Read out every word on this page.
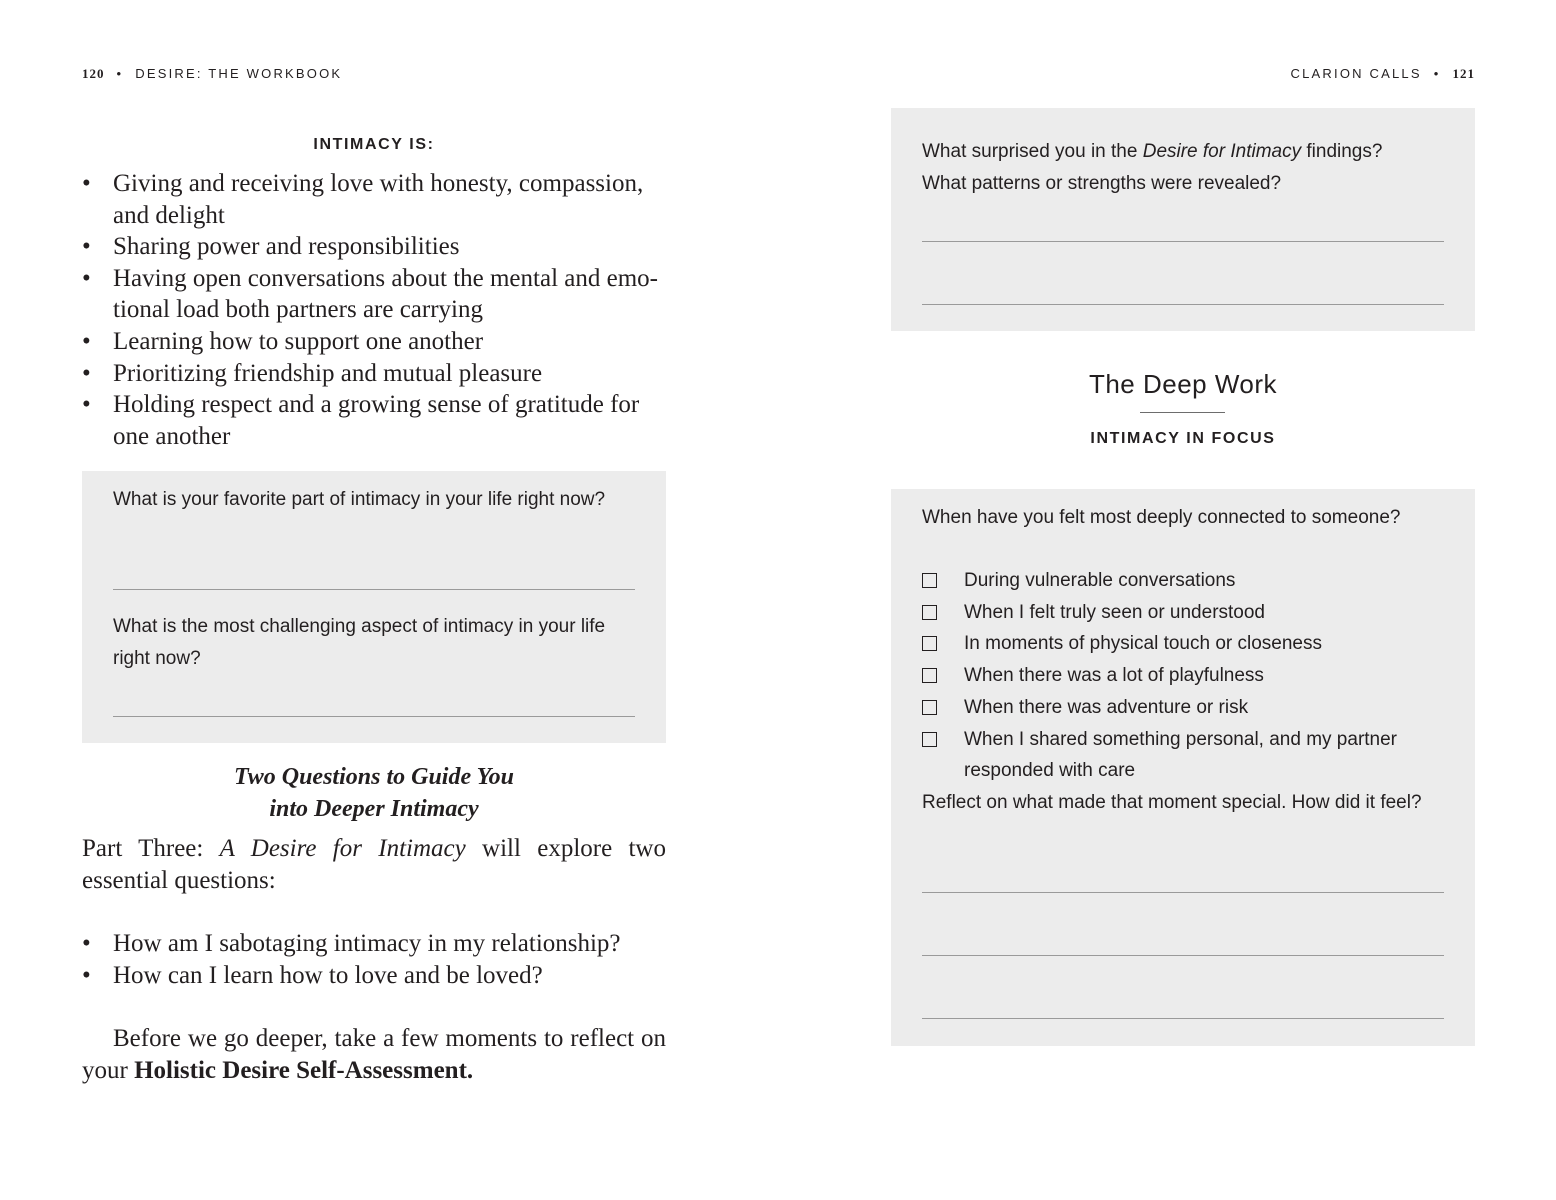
120 • DESIRE: THE WORKBOOK
INTIMACY IS:
• Giving and receiving love with honesty, compassion, and delight
• Sharing power and responsibilities
• Having open conversations about the mental and emotional load both partners are carrying
• Learning how to support one another
• Prioritizing friendship and mutual pleasure
• Holding respect and a growing sense of gratitude for one another
What is your favorite part of intimacy in your life right now?
What is the most challenging aspect of intimacy in your life right now?
Two Questions to Guide You
into Deeper Intimacy
Part Three: A Desire for Intimacy will explore two essential questions:
• How am I sabotaging intimacy in my relationship?
• How can I learn how to love and be loved?
Before we go deeper, take a few moments to reflect on your Holistic Desire Self-Assessment.
CLARION CALLS • 121
What surprised you in the Desire for Intimacy findings?
What patterns or strengths were revealed?
The Deep Work
INTIMACY IN FOCUS
When have you felt most deeply connected to someone?
During vulnerable conversations
When I felt truly seen or understood
In moments of physical touch or closeness
When there was a lot of playfulness
When there was adventure or risk
When I shared something personal, and my partner responded with care
Reflect on what made that moment special. How did it feel?
